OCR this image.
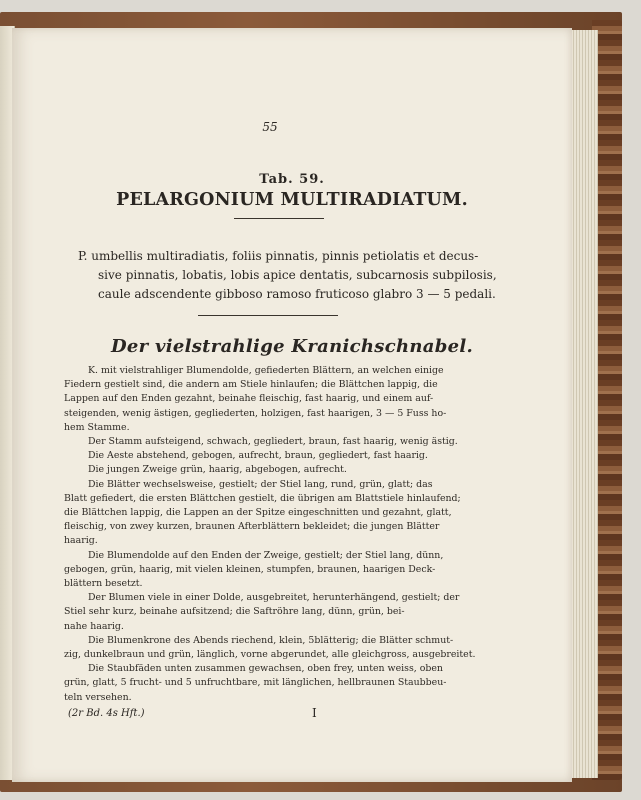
55
Tab. 59.
PELARGONIUM MULTIRADIATUM.
P. umbellis multiradiatis, foliis pinnatis, pinnis petiolatis et decus-
sive pinnatis, lobatis, lobis apice dentatis, subcarnosis subpilosis,
caule adscendente gibboso ramoso fruticoso glabro 3 — 5 pedali.
Der vielstrahlige Kranichschnabel.
K. mit vielstrahliger Blumendolde, gefiederten Blättern, an welchen einige
Fiedern gestielt sind, die andern am Stiele hinlaufen; die Blättchen lappig, die
Lappen auf den Enden gezahnt, beinahe fleischig, fast haarig, und einem auf-
steigenden, wenig ästigen, gegliederten, holzigen, fast haarigen, 3 — 5 Fuss ho-
hem Stamme.
Der Stamm aufsteigend, schwach, gegliedert, braun, fast haarig, wenig ästig.
Die Aeste abstehend, gebogen, aufrecht, braun, gegliedert, fast haarig.
Die jungen Zweige grün, haarig, abgebogen, aufrecht.
Die Blätter wechselsweise, gestielt; der Stiel lang, rund, grün, glatt; das
Blatt gefiedert, die ersten Blättchen gestielt, die übrigen am Blattstiele hinlaufend;
die Blättchen lappig, die Lappen an der Spitze eingeschnitten und gezahnt, glatt,
fleischig, von zwey kurzen, braunen Afterblättern bekleidet; die jungen Blätter
haarig.
Die Blumendolde auf den Enden der Zweige, gestielt; der Stiel lang, dünn,
gebogen, grün, haarig, mit vielen kleinen, stumpfen, braunen, haarigen Deck-
blättern besetzt.
Der Blumen viele in einer Dolde, ausgebreitet, herunterhängend, gestielt; der
Stiel sehr kurz, beinahe aufsitzend; die Saftröhre lang, dünn, grün, bei-
nahe haarig.
Die Blumenkrone des Abends riechend, klein, 5blätterig; die Blätter schmut-
zig, dunkelbraun und grün, länglich, vorne abgerundet, alle gleichgross, ausgebreitet.
Die Staubfäden unten zusammen gewachsen, oben frey, unten weiss, oben
grün, glatt, 5 frucht- und 5 unfruchtbare, mit länglichen, hellbraunen Staubbeu-
teln versehen.
(2r Bd. 4s Hft.)	I
